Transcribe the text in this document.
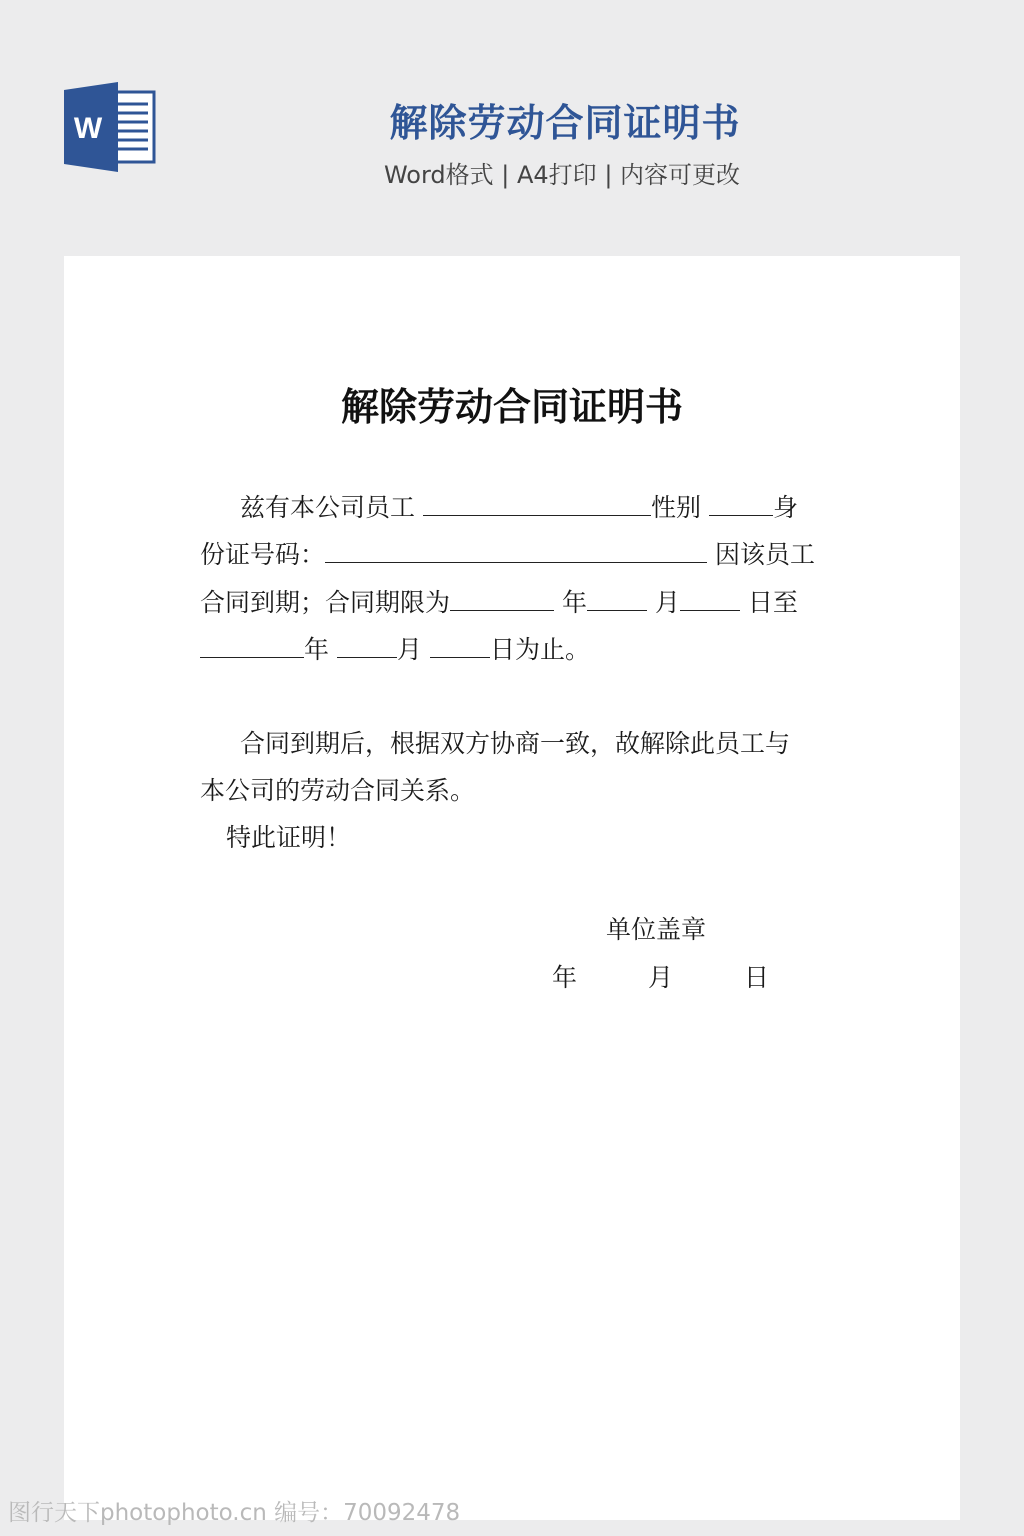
W	解除劳动合同证明书
Word格式 | A4打印 | 内容可更改
解除劳动合同证明书
兹有本公司员工	性别	身
份证号码：	因该员工
合同到期；合同期限为	年	月	日至
年	月	日为止。
合同到期后，根据双方协商一致，故解除此员工与
本公司的劳动合同关系。
特此证明！
单位盖章
年	月	日
图行天下photophoto.cn 编号：70092478
